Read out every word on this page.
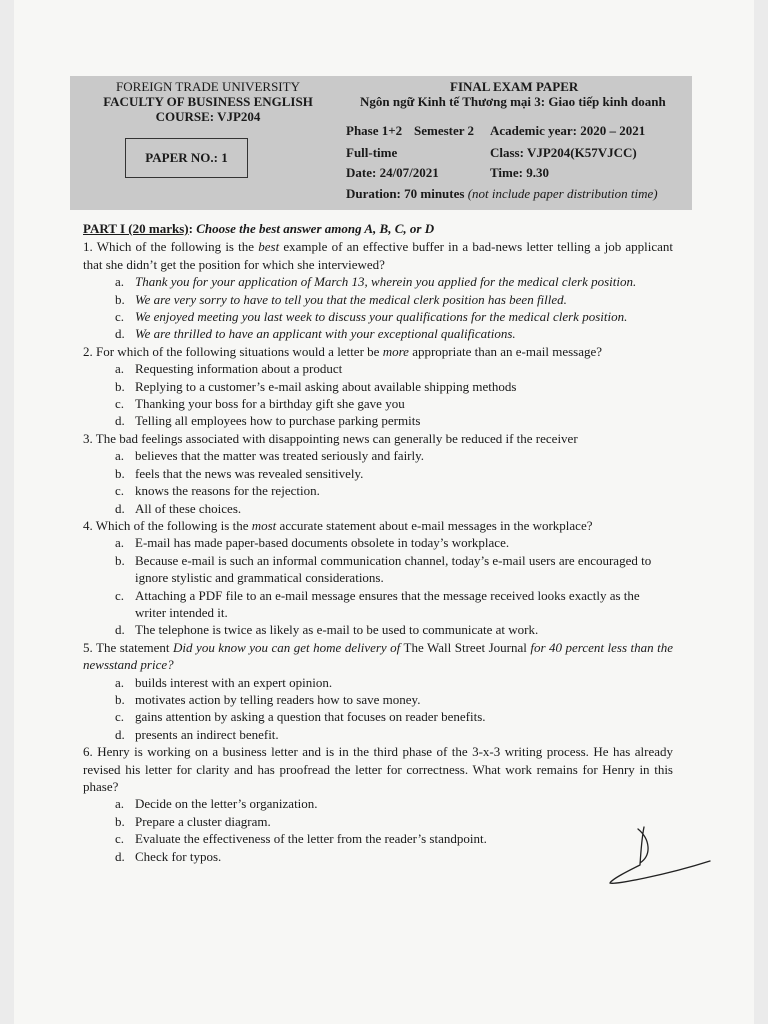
FOREIGN TRADE UNIVERSITY
FACULTY OF BUSINESS ENGLISH
COURSE: VJP204
FINAL EXAM PAPER
Ngôn ngữ Kinh tế Thương mại 3: Giao tiếp kinh doanh
Phase 1+2 Semester 2 Academic year: 2020 – 2021
Full-time	Class: VJP204(K57VJCC)
Date: 24/07/2021	Time: 9.30
Duration: 70 minutes (not include paper distribution time)
PAPER NO.: 1
PART I (20 marks): Choose the best answer among A, B, C, or D
1. Which of the following is the best example of an effective buffer in a bad-news letter telling a job applicant that she didn’t get the position for which she interviewed?
a. Thank you for your application of March 13, wherein you applied for the medical clerk position.
b. We are very sorry to have to tell you that the medical clerk position has been filled.
c. We enjoyed meeting you last week to discuss your qualifications for the medical clerk position.
d. We are thrilled to have an applicant with your exceptional qualifications.
2. For which of the following situations would a letter be more appropriate than an e-mail message?
a. Requesting information about a product
b. Replying to a customer’s e-mail asking about available shipping methods
c. Thanking your boss for a birthday gift she gave you
d. Telling all employees how to purchase parking permits
3. The bad feelings associated with disappointing news can generally be reduced if the receiver
a. believes that the matter was treated seriously and fairly.
b. feels that the news was revealed sensitively.
c. knows the reasons for the rejection.
d. All of these choices.
4. Which of the following is the most accurate statement about e-mail messages in the workplace?
a. E-mail has made paper-based documents obsolete in today’s workplace.
b. Because e-mail is such an informal communication channel, today’s e-mail users are encouraged to ignore stylistic and grammatical considerations.
c. Attaching a PDF file to an e-mail message ensures that the message received looks exactly as the writer intended it.
d. The telephone is twice as likely as e-mail to be used to communicate at work.
5. The statement Did you know you can get home delivery of The Wall Street Journal for 40 percent less than the newsstand price?
a. builds interest with an expert opinion.
b. motivates action by telling readers how to save money.
c. gains attention by asking a question that focuses on reader benefits.
d. presents an indirect benefit.
6. Henry is working on a business letter and is in the third phase of the 3-x-3 writing process. He has already revised his letter for clarity and has proofread the letter for correctness. What work remains for Henry in this phase?
a. Decide on the letter’s organization.
b. Prepare a cluster diagram.
c. Evaluate the effectiveness of the letter from the reader’s standpoint.
d. Check for typos.
